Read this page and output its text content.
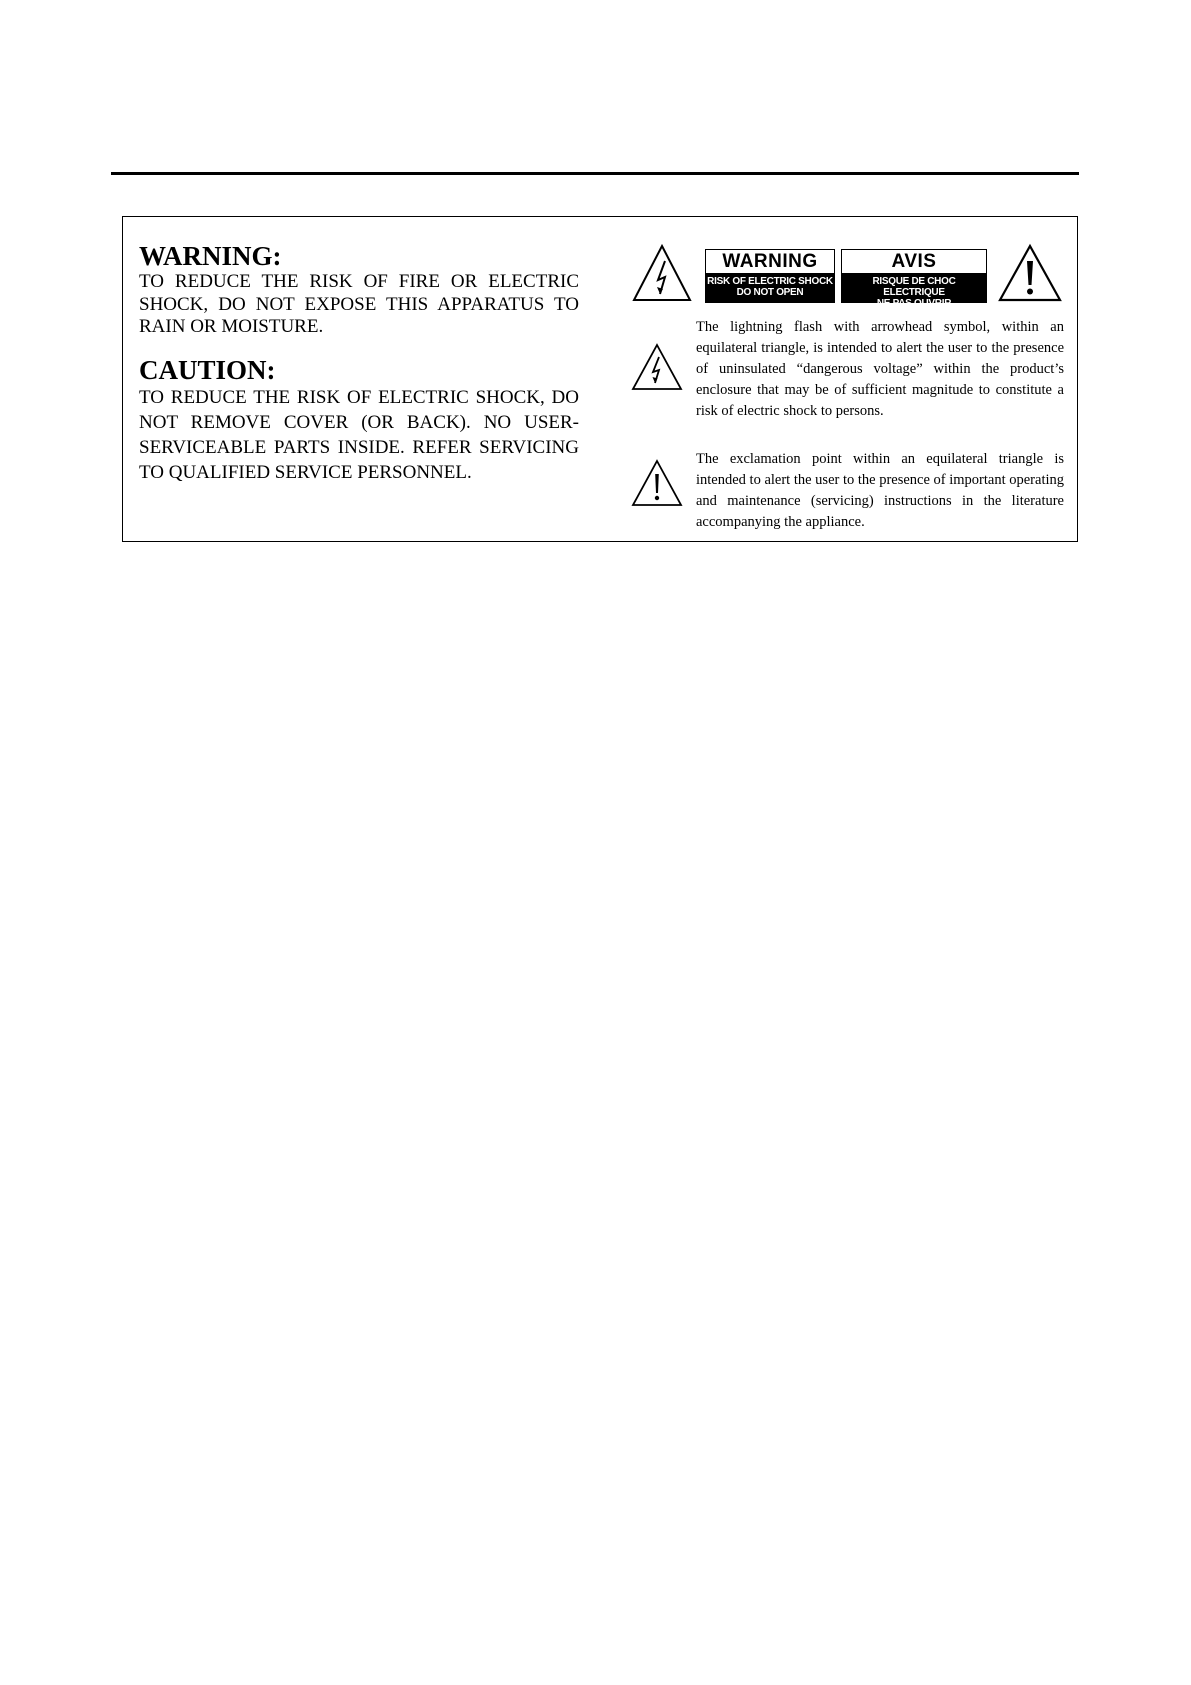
WARNING:

TO REDUCE THE RISK OF FIRE OR ELECTRIC SHOCK, DO NOT EXPOSE THIS APPARATUS TO RAIN OR MOISTURE.

CAUTION:

TO REDUCE THE RISK OF ELECTRIC SHOCK, DO NOT REMOVE COVER (OR BACK). NO USER-SERVICEABLE PARTS INSIDE. REFER SERVICING TO QUALIFIED SERVICE PERSONNEL.

WARNING
RISK OF ELECTRIC SHOCK
DO NOT OPEN
AVIS
RISQUE DE CHOC ELECTRIQUE
NE PAS OUVRIR

The lightning flash with arrowhead symbol, within an equilateral triangle, is intended to alert the user to the presence of uninsulated “dangerous voltage” within the product’s enclosure that may be of sufficient magnitude to constitute a risk of electric shock to persons.

The exclamation point within an equilateral triangle is intended to alert the user to the presence of important operating and maintenance (servicing) instructions in the literature accompanying the appliance.
